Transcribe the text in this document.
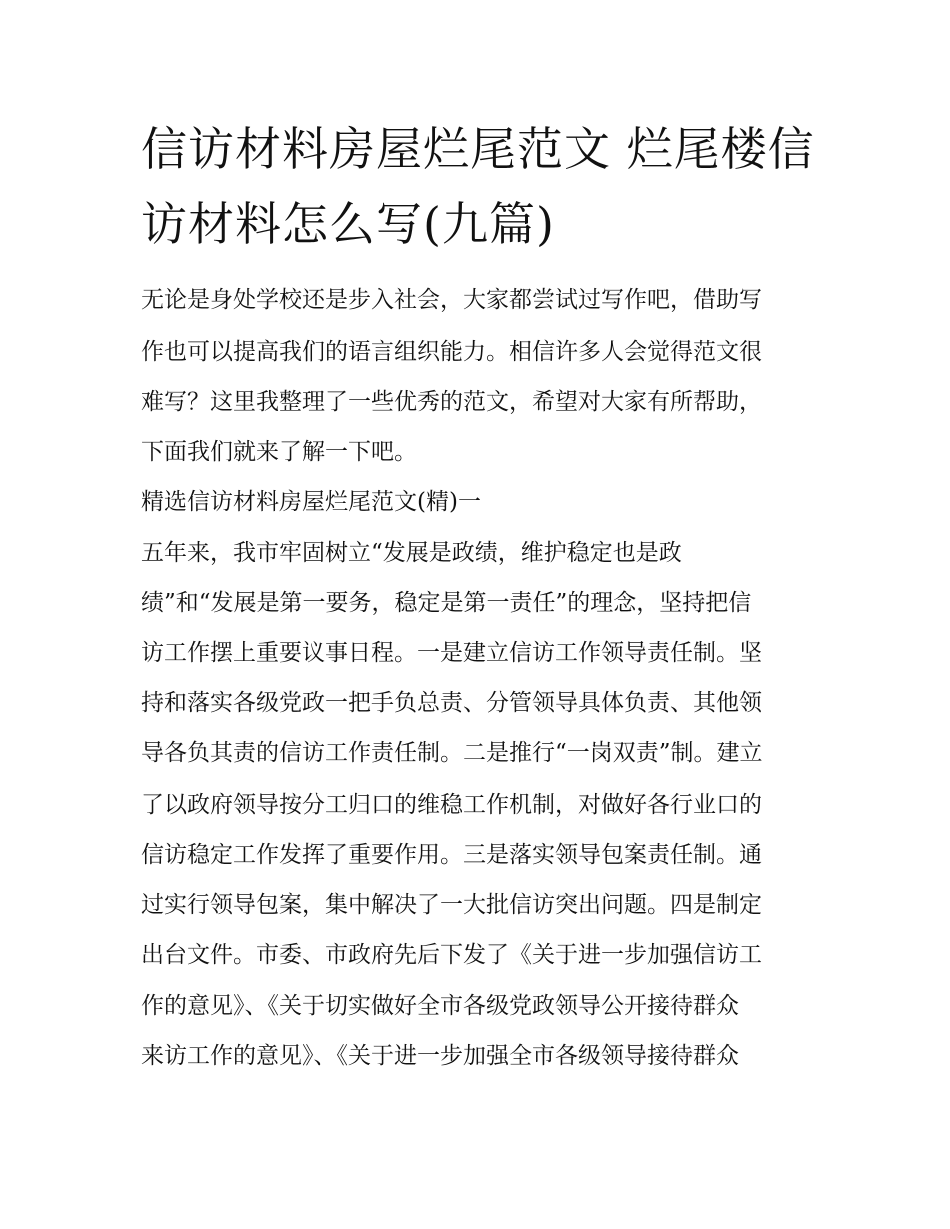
信访材料房屋烂尾范文 烂尾楼信访材料怎么写(九篇)

无论是身处学校还是步入社会，大家都尝试过写作吧，借助写

作也可以提高我们的语言组织能力。相信许多人会觉得范文很

难写？这里我整理了一些优秀的范文，希望对大家有所帮助，

下面我们就来了解一下吧。

精选信访材料房屋烂尾范文(精)一

五年来，我市牢固树立“发展是政绩，维护稳定也是政

绩”和“发展是第一要务，稳定是第一责任”的理念，坚持把信

访工作摆上重要议事日程。一是建立信访工作领导责任制。坚

持和落实各级党政一把手负总责、分管领导具体负责、其他领

导各负其责的信访工作责任制。二是推行“一岗双责”制。建立

了以政府领导按分工归口的维稳工作机制，对做好各行业口的

信访稳定工作发挥了重要作用。三是落实领导包案责任制。通

过实行领导包案，集中解决了一大批信访突出问题。四是制定

出台文件。市委、市政府先后下发了《关于进一步加强信访工

作的意见》、《关于切实做好全市各级党政领导公开接待群众

来访工作的意见》、《关于进一步加强全市各级领导接待群众
